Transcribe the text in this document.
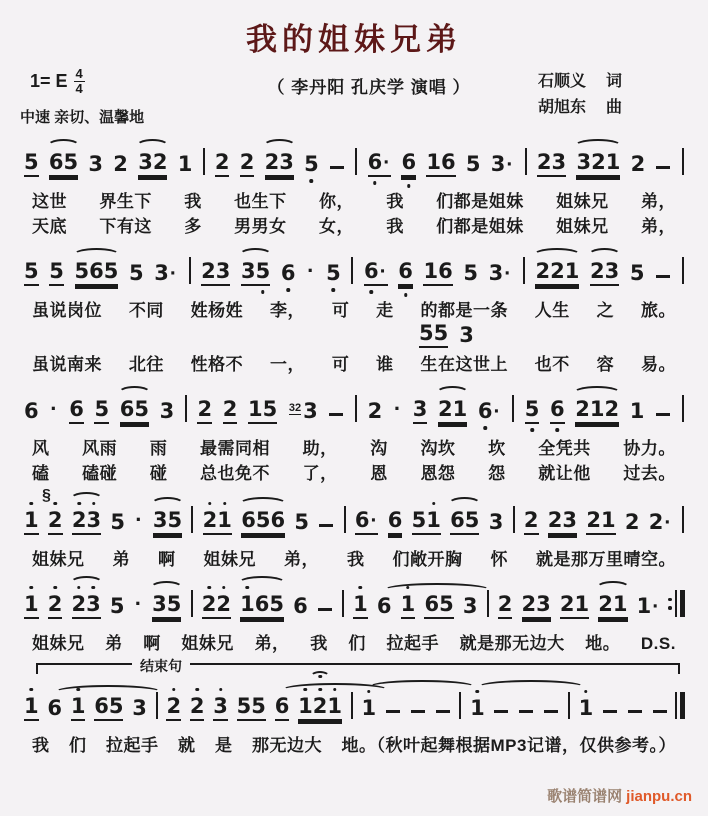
我的姐妹兄弟
1= E $\frac{4}{4}$
中速 亲切、温馨地
（ 李丹阳 孔庆学 演唱 ）	石顺义 词
胡旭东 曲
5 6 5 3 2 3 2 1 2 2 2 3 5 6 · 6 1 6 5 3 · 2 3 3 2 1 2
这世 界生下 我 也生下 你， 我 们都是姐妹 姐妹兄 弟，
天底 下有这 多 男男女 女， 我 们都是姐妹 姐妹兄 弟，
5 5 5 6 5 5 3 · 2 3 3 5 6 · 5 6 · 6 1 6 5 3 · 2 2 1 2 3 5
虽说岗位 不同 姓杨姓 李， 可 走 的都是一条 人生 之 旅。
5 5 3
虽说南来 北往 性格不 一， 可 谁 生在这世上 也不 容 易。
6 · 6 5 6 5 3 2 2 1 5 32 3 2 · 3 2 1 6 · 5 6 2 1 2 1
风 风雨 雨 最需同相 助， 沟 沟坎 坎 全凭共 协力。
磕 磕碰 碰 总也免不 了， 恩 恩怨 怨 就让他 过去。
§
1 2 2 3 5 · 3 5 2 1 6 5 6 5 6 · 6 5 1 6 5 3 2 2 3 2 1 2 2 ·
姐妹兄 弟 啊 姐妹兄 弟， 我 们敞开胸 怀 就是那万里晴空。
1 2 2 3 5 · 3 5 2 2 1 6 5 6 1 6 1 6 5 3 2 2 3 2 1 2 1 1 ·
姐妹兄 弟 啊 姐妹兄 弟， 我 们 拉起手 就是那无边大 地。 D.S.
结束句
1 6 1 6 5 3 2 2 3 5 5 6 1 2 1 1	1	1
我 们 拉起手 就 是 那无边大 地。（秋叶起舞根据MP3记谱，仅供参考。）
歌谱简谱网 jianpu.cn
